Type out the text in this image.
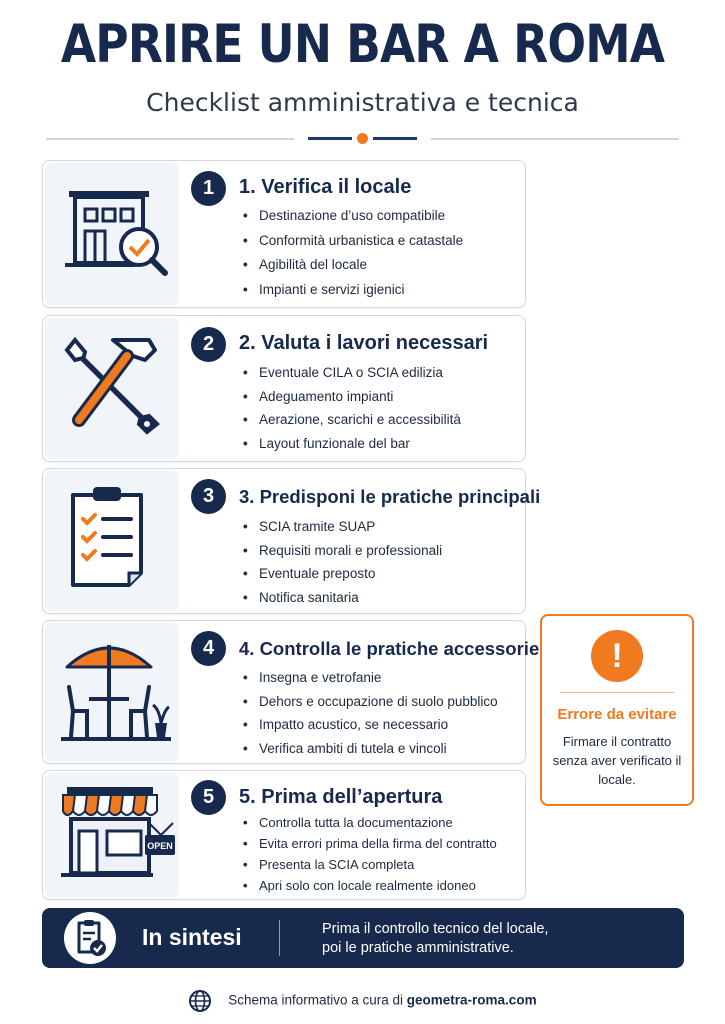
APRIRE UN BAR A ROMA
Checklist amministrativa e tecnica
1	1. Verifica il locale
• Destinazione d’uso compatibile
• Conformità urbanistica e catastale
• Agibilità del locale
• Impianti e servizi igienici
2	2. Valuta i lavori necessari
• Eventuale CILA o SCIA edilizia
• Adeguamento impianti
• Aerazione, scarichi e accessibilità
• Layout funzionale del bar
3	3. Predisponi le pratiche principali
• SCIA tramite SUAP
• Requisiti morali e professionali
• Eventuale preposto
• Notifica sanitaria
4	4. Controlla le pratiche accessorie
• Insegna e vetrofanie
• Dehors e occupazione di suolo pubblico
• Impatto acustico, se necessario
• Verifica ambiti di tutela e vincoli
OPEN
5	5. Prima dell’apertura
• Controlla tutta la documentazione
• Evita errori prima della firma del contratto
• Presenta la SCIA completa
• Apri solo con locale realmente idoneo
!
Errore da evitare
Firmare il contratto senza aver verificato il locale.
In sintesi	Prima il controllo tecnico del locale,
poi le pratiche amministrative.
Schema informativo a cura di geometra-roma.com
